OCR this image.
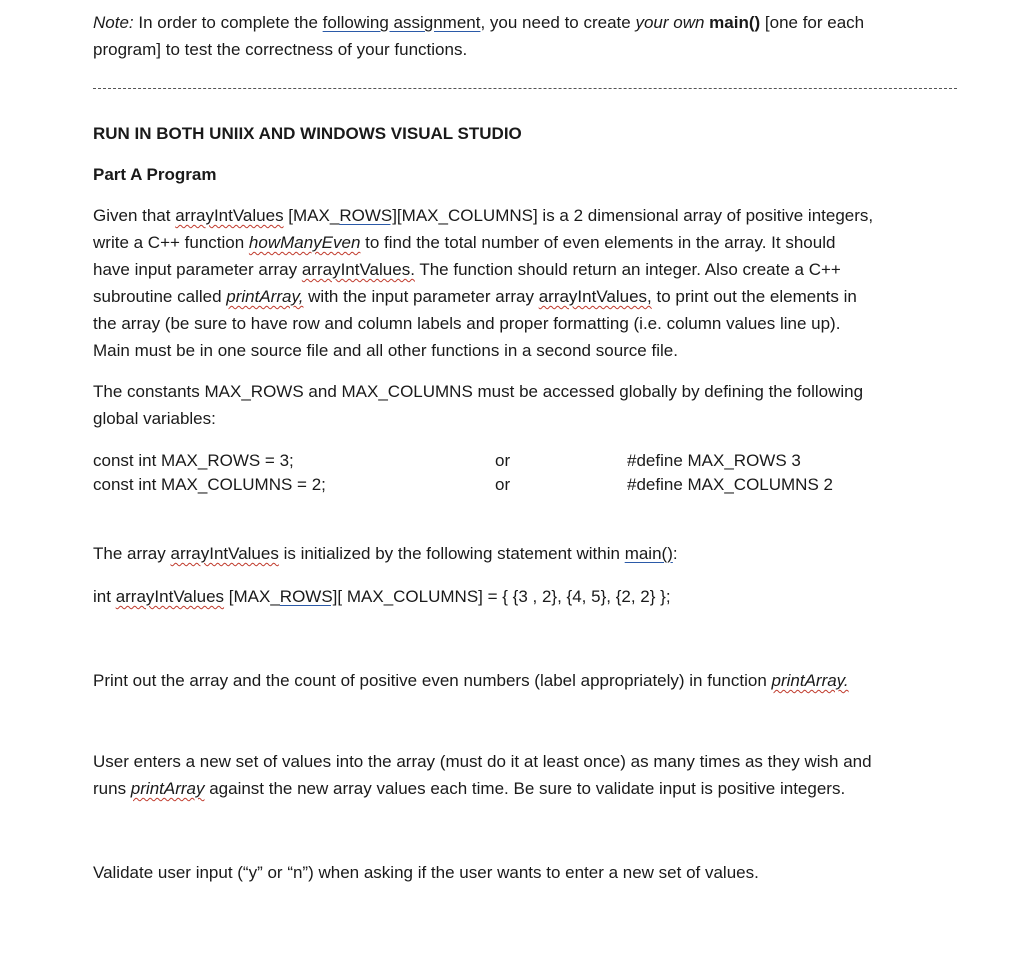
Note: In order to complete the following assignment, you need to create your own main() [one for each
program] to test the correctness of your functions.
RUN IN BOTH UNIIX AND WINDOWS VISUAL STUDIO
Part A Program
Given that arrayIntValues [MAX_ROWS][MAX_COLUMNS] is a 2 dimensional array of positive integers,
write a C++ function howManyEven to find the total number of even elements in the array. It should
have input parameter array arrayIntValues. The function should return an integer. Also create a C++
subroutine called printArray, with the input parameter array arrayIntValues, to print out the elements in
the array (be sure to have row and column labels and proper formatting (i.e. column values line up).
Main must be in one source file and all other functions in a second source file.
The constants MAX_ROWS and MAX_COLUMNS must be accessed globally by defining the following
global variables:
const int MAX_ROWS = 3;
const int MAX_COLUMNS = 2;
or
or
#define MAX_ROWS 3
#define MAX_COLUMNS 2
The array arrayIntValues is initialized by the following statement within main():
int arrayIntValues [MAX_ROWS][ MAX_COLUMNS] = { {3 , 2}, {4, 5}, {2, 2} };
Print out the array and the count of positive even numbers (label appropriately) in function printArray.
User enters a new set of values into the array (must do it at least once) as many times as they wish and
runs printArray against the new array values each time. Be sure to validate input is positive integers.
Validate user input (“y” or “n”) when asking if the user wants to enter a new set of values.
